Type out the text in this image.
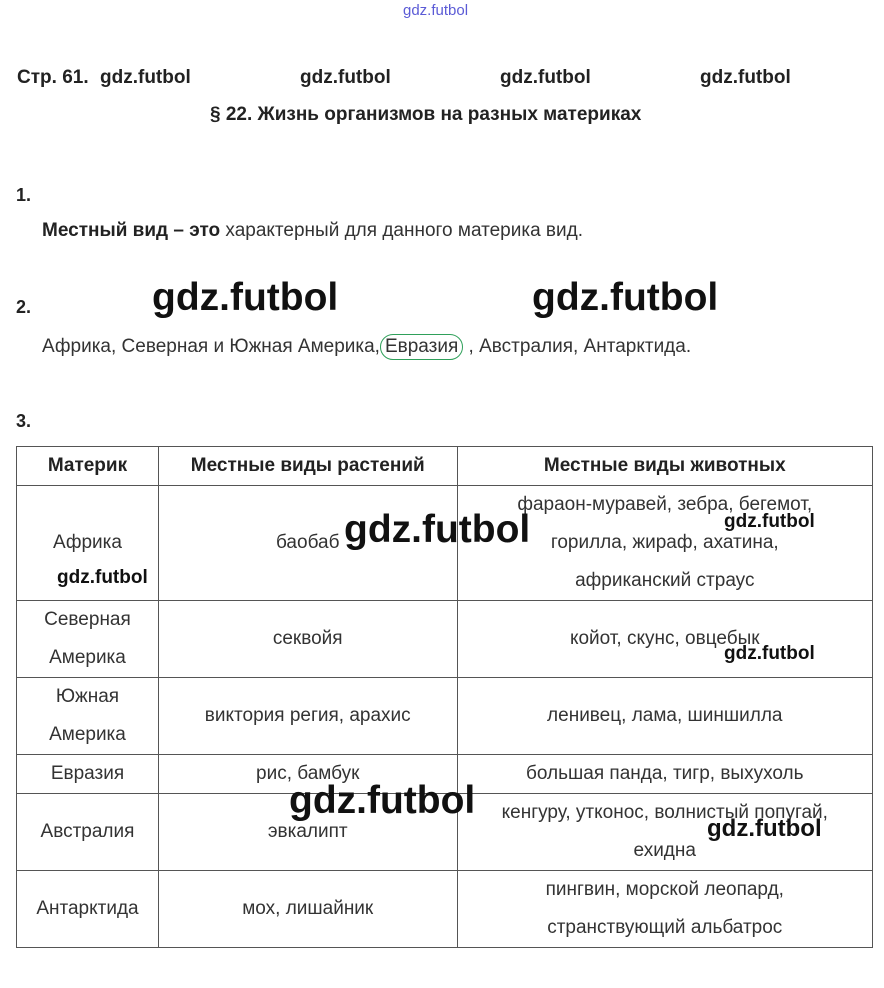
gdz.futbol
Стр. 61. gdz.futbol	gdz.futbol	gdz.futbol	gdz.futbol
§ 22. Жизнь организмов на разных материках
1.
Местный вид – это характерный для данного материка вид.
2.	gdz.futbol	gdz.futbol
Африка, Северная и Южная Америка, Евразия , Австралия, Антарктида.
3.
Материк	Местные виды растений	Местные виды животных

Африка	баобаб	фараон-муравей, зебра, бегемот,
горилла, жираф, ахатина,
африканский страус

Северная
Америка	секвойя	койот, скунс, овцебык

Южная
Америка	виктория регия, арахис	ленивец, лама, шиншилла

Евразия	рис, бамбук	большая панда, тигр, выхухоль

Австралия	эвкалипт	кенгуру, утконос, волнистый попугай,
ехидна

Антарктида	мох, лишайник	пингвин, морской леопард,
странствующий альбатрос
gdz.futbol	gdz.futbol
gdz.futbol
gdz.futbol
gdz.futbol
gdz.futbol
